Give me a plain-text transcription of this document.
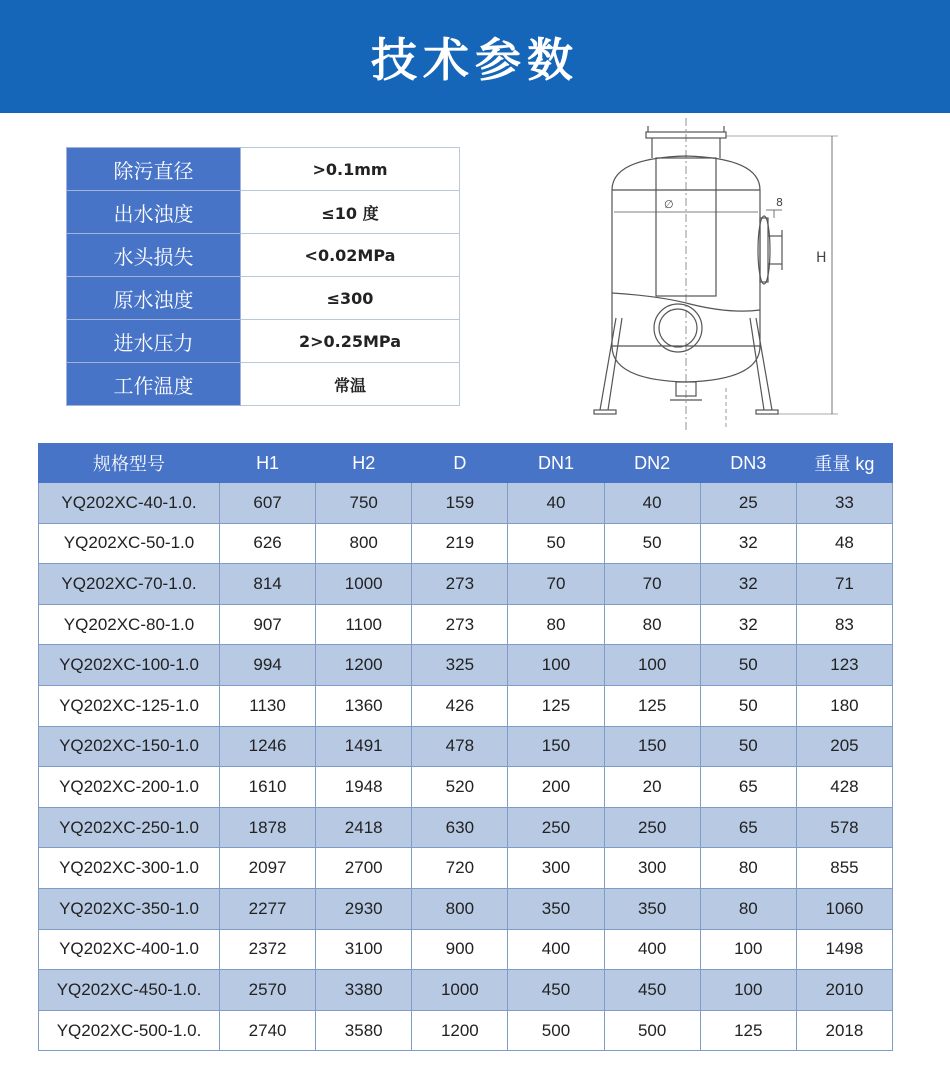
技术参数
除污直径	>0.1mm
出水浊度	≤10 度
水头损失	<0.02MPa
原水浊度	≤300
进水压力	2>0.25MPa
工作温度	常温
∅	8
H
规格型号	H1	H2	D	DN1	DN2	DN3	重量 kg
YQ202XC-40-1.0.	607	750	159	40	40	25	33
YQ202XC-50-1.0	626	800	219	50	50	32	48
YQ202XC-70-1.0.	814	1000	273	70	70	32	71
YQ202XC-80-1.0	907	1100	273	80	80	32	83
YQ202XC-100-1.0	994	1200	325	100	100	50	123
YQ202XC-125-1.0	1130	1360	426	125	125	50	180
YQ202XC-150-1.0	1246	1491	478	150	150	50	205
YQ202XC-200-1.0	1610	1948	520	200	20	65	428
YQ202XC-250-1.0	1878	2418	630	250	250	65	578
YQ202XC-300-1.0	2097	2700	720	300	300	80	855
YQ202XC-350-1.0	2277	2930	800	350	350	80	1060
YQ202XC-400-1.0	2372	3100	900	400	400	100	1498
YQ202XC-450-1.0.	2570	3380	1000	450	450	100	2010
YQ202XC-500-1.0.	2740	3580	1200	500	500	125	2018
